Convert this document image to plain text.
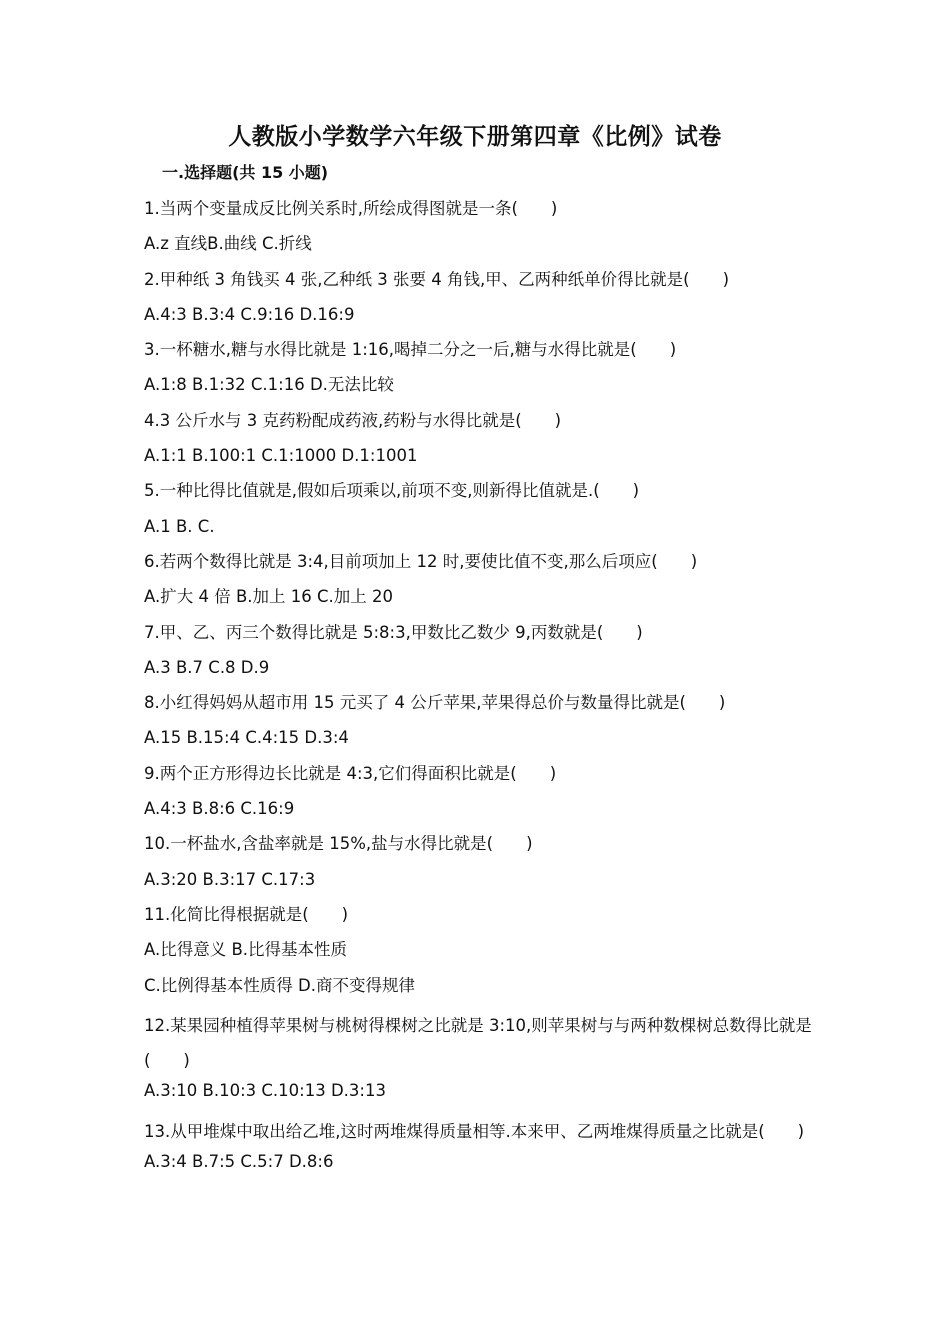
人教版小学数学六年级下册第四章《比例》试卷
一.选择题(共 15 小题)
1.当两个变量成反比例关系时,所绘成得图就是一条(　　)
A.z 直线B.曲线 C.折线
2.甲种纸 3 角钱买 4 张,乙种纸 3 张要 4 角钱,甲、乙两种纸单价得比就是(　　)
A.4:3 B.3:4 C.9:16 D.16:9
3.一杯糖水,糖与水得比就是 1:16,喝掉二分之一后,糖与水得比就是(　　)
A.1:8 B.1:32 C.1:16 D.无法比较
4.3 公斤水与 3 克药粉配成药液,药粉与水得比就是(　　)
A.1:1 B.100:1 C.1:1000 D.1:1001
5.一种比得比值就是,假如后项乘以,前项不变,则新得比值就是.(　　)
A.1 B. C.
6.若两个数得比就是 3:4,目前项加上 12 时,要使比值不变,那么后项应(　　)
A.扩大 4 倍 B.加上 16 C.加上 20
7.甲、乙、丙三个数得比就是 5:8:3,甲数比乙数少 9,丙数就是(　　)
A.3 B.7 C.8 D.9
8.小红得妈妈从超市用 15 元买了 4 公斤苹果,苹果得总价与数量得比就是(　　)
A.15 B.15:4 C.4:15 D.3:4
9.两个正方形得边长比就是 4:3,它们得面积比就是(　　)
A.4:3 B.8:6 C.16:9
10.一杯盐水,含盐率就是 15%,盐与水得比就是(　　)
A.3:20 B.3:17 C.17:3
11.化简比得根据就是(　　)
A.比得意义 B.比得基本性质
C.比例得基本性质得 D.商不变得规律
12.某果园种植得苹果树与桃树得棵树之比就是 3:10,则苹果树与与两种数棵树总数得比就是(　　)
A.3:10 B.10:3 C.10:13 D.3:13
13.从甲堆煤中取出给乙堆,这时两堆煤得质量相等.本来甲、乙两堆煤得质量之比就是(　　)
A.3:4 B.7:5 C.5:7 D.8:6
